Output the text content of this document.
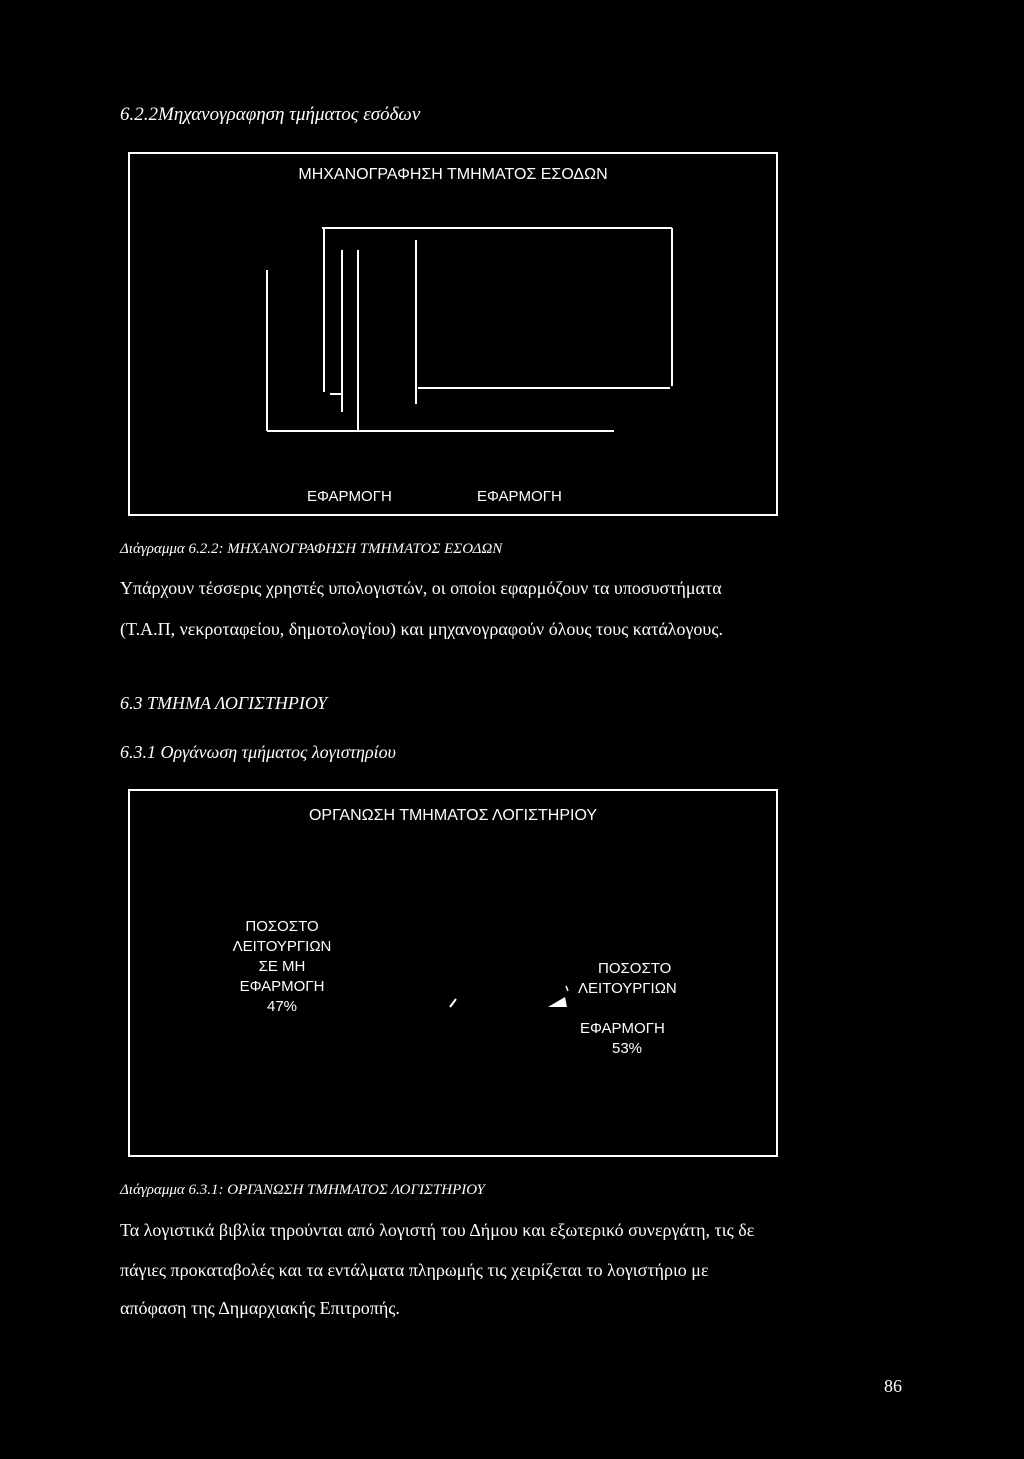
6.2.2Μηχανογραφηση τμήματος εσόδων
ΜΗΧΑΝΟΓΡΑΦΗΣΗ ΤΜΗΜΑΤΟΣ ΕΣΟΔΩΝ
ΕΦΑΡΜΟΓΗ	ΕΦΑΡΜΟΓΗ
Διάγραμμα 6.2.2: ΜΗΧΑΝΟΓΡΑΦΗΣΗ ΤΜΗΜΑΤΟΣ ΕΣΟΔΩΝ
Υπάρχουν τέσσερις χρηστές υπολογιστών, οι οποίοι εφαρμόζουν τα υποσυστήματα
(Τ.Α.Π, νεκροταφείου, δημοτολογίου) και μηχανογραφούν όλους τους κατάλογους.
6.3 ΤΜΗΜΑ ΛΟΓΙΣΤΗΡΙΟΥ
6.3.1 Οργάνωση τμήματος λογιστηρίου
ΟΡΓΑΝΩΣΗ ΤΜΗΜΑΤΟΣ ΛΟΓΙΣΤΗΡΙΟΥ
ΠΟΣΟΣΤΟ
ΛΕΙΤΟΥΡΓΙΩΝ
ΣΕ ΜΗ
ΕΦΑΡΜΟΓΗ
47%
ΠΟΣΟΣΤΟ
ΛΕΙΤΟΥΡΓΙΩΝ
ΕΦΑΡΜΟΓΗ
53%
Διάγραμμα 6.3.1: ΟΡΓΑΝΩΣΗ ΤΜΗΜΑΤΟΣ ΛΟΓΙΣΤΗΡΙΟΥ
Τα λογιστικά βιβλία τηρούνται από λογιστή του Δήμου και εξωτερικό συνεργάτη, τις δε
πάγιες προκαταβολές και τα εντάλματα πληρωμής τις χειρίζεται το λογιστήριο με
απόφαση της Δημαρχιακής Επιτροπής.
86
